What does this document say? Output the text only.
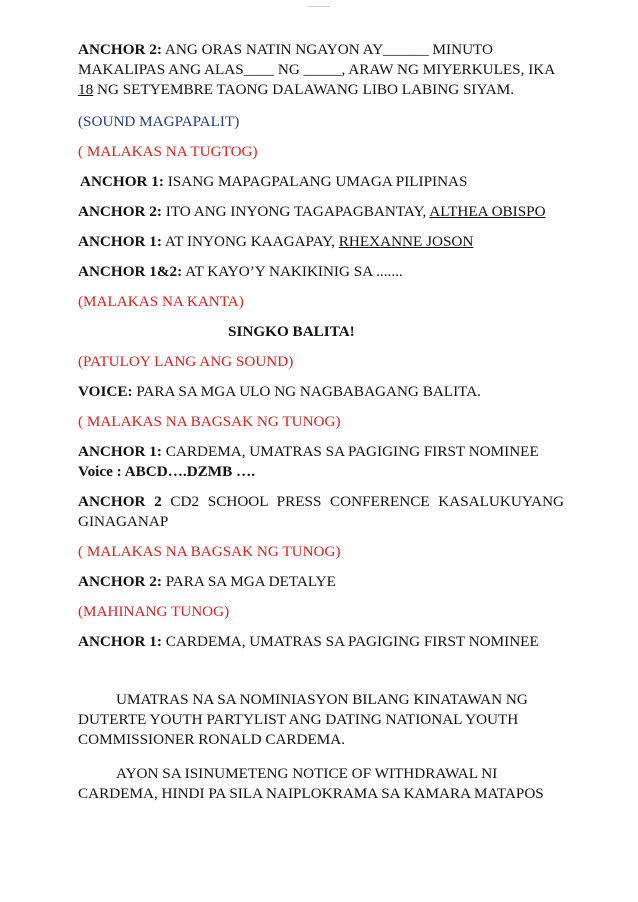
ANCHOR 2: ANG ORAS NATIN NGAYON AY______ MINUTO MAKALIPAS ANG ALAS____ NG _____, ARAW NG MIYERKULES, IKA 18 NG SETYEMBRE TAONG DALAWANG LIBO LABING SIYAM.

(SOUND MAGPAPALIT)

( MALAKAS NA TUGTOG)

ANCHOR 1: ISANG MAPAGPALANG UMAGA PILIPINAS

ANCHOR 2: ITO ANG INYONG TAGAPAGBANTAY, ALTHEA OBISPO

ANCHOR 1: AT INYONG KAAGAPAY, RHEXANNE JOSON

ANCHOR 1&2: AT KAYO’Y NAKIKINIG SA .......

(MALAKAS NA KANTA)

SINGKO BALITA!

(PATULOY LANG ANG SOUND)

VOICE: PARA SA MGA ULO NG NAGBABAGANG BALITA.

( MALAKAS NA BAGSAK NG TUNOG)

ANCHOR 1: CARDEMA, UMATRAS SA PAGIGING FIRST NOMINEE

Voice : ABCD….DZMB ….

ANCHOR 2 CD2 SCHOOL PRESS CONFERENCE KASALUKUYANG GINAGANAP

( MALAKAS NA BAGSAK NG TUNOG)

ANCHOR 2: PARA SA MGA DETALYE

(MAHINANG TUNOG)

ANCHOR 1: CARDEMA, UMATRAS SA PAGIGING FIRST NOMINEE

UMATRAS NA SA NOMINIASYON BILANG KINATAWAN NG DUTERTE YOUTH PARTYLIST ANG DATING NATIONAL YOUTH COMMISSIONER RONALD CARDEMA.

AYON SA ISINUMETENG NOTICE OF WITHDRAWAL NI CARDEMA, HINDI PA SILA NAIPLOKRAMA SA KAMARA MATAPOS
